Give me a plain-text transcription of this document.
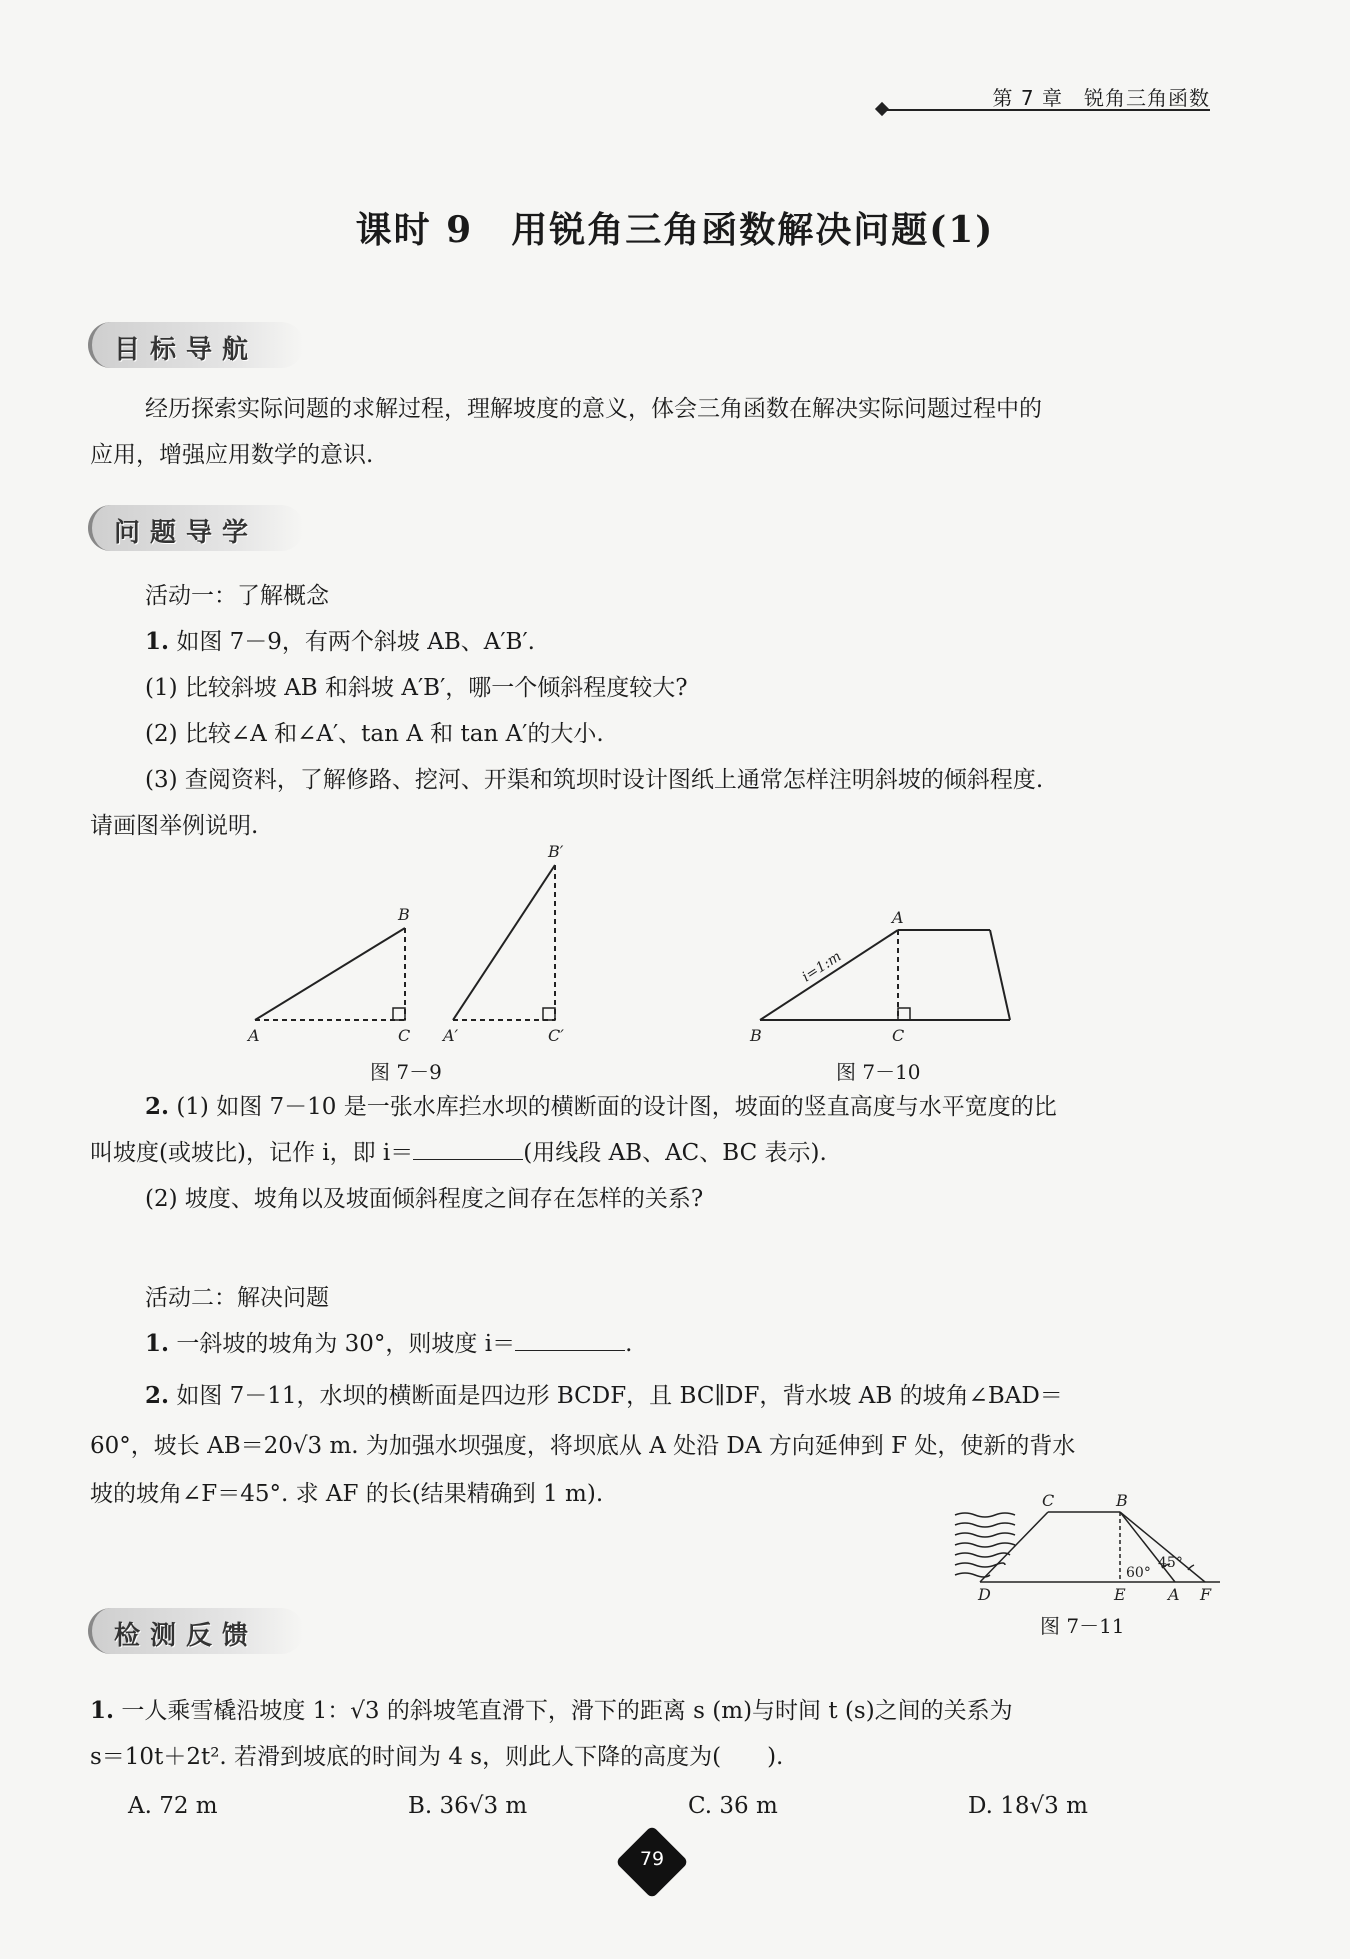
第 7 章　锐角三角函数
课时 9　用锐角三角函数解决问题(1)
目标导航
经历探索实际问题的求解过程，理解坡度的意义，体会三角函数在解决实际问题过程中的
应用，增强应用数学的意识.
问题导学
活动一：了解概念
1. 如图 7－9，有两个斜坡 AB、A′B′.
(1) 比较斜坡 AB 和斜坡 A′B′，哪一个倾斜程度较大?
(2) 比较∠A 和∠A′、tan A 和 tan A′的大小.
(3) 查阅资料，了解修路、挖河、开渠和筑坝时设计图纸上通常怎样注明斜坡的倾斜程度.
请画图举例说明.
A
B
C A′
B′
C′	B
A
C
i=1:m
图 7－9	图 7－10
2. (1) 如图 7－10 是一张水库拦水坝的横断面的设计图，坡面的竖直高度与水平宽度的比
叫坡度(或坡比)，记作 i，即 i＝	(用线段 AB、AC、BC 表示).
(2) 坡度、坡角以及坡面倾斜程度之间存在怎样的关系?
活动二：解决问题
1. 一斜坡的坡角为 30°，则坡度 i＝	.
2. 如图 7－11，水坝的横断面是四边形 BCDF，且 BC∥DF，背水坡 AB 的坡角∠BAD＝
60°，坡长 AB＝20√3 m. 为加强水坝强度，将坝底从 A 处沿 DA 方向延伸到 F 处，使新的背水
坡的坡角∠F＝45°. 求 AF 的长(结果精确到 1 m).	C	B
D	E	A F
60°
45°
图 7－11
检测反馈
1. 一人乘雪橇沿坡度 1：√3 的斜坡笔直滑下，滑下的距离 s (m)与时间 t (s)之间的关系为
s＝10t＋2t². 若滑到坡底的时间为 4 s，则此人下降的高度为(　　).
A. 72 m	B. 36√3 m	C. 36 m	D. 18√3 m
79
